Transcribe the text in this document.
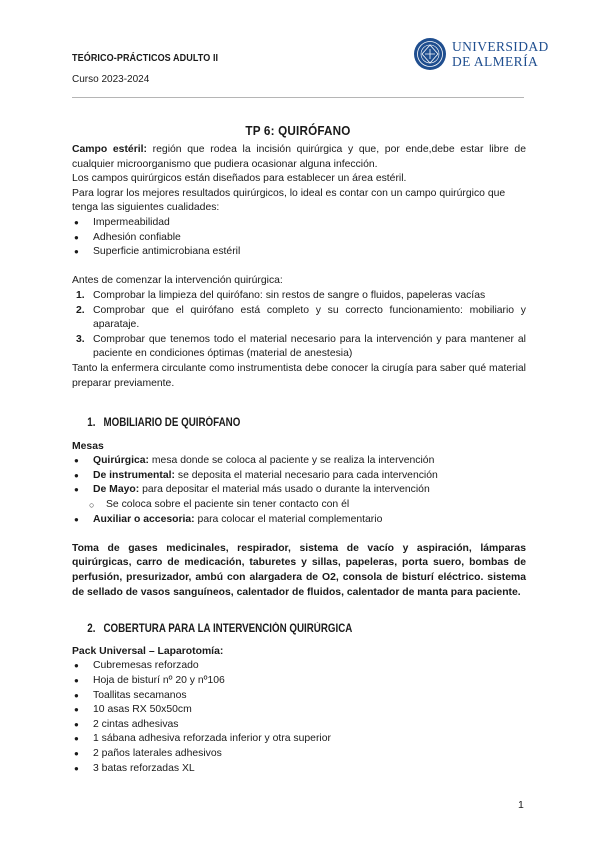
TEÓRICO-PRÁCTICOS ADULTO II
Curso 2023-2024
UNIVERSIDAD
DE ALMERÍA
TP 6: QUIRÓFANO

Campo estéril: región que rodea la incisión quirúrgica y que, por ende,debe estar libre de cualquier microorganismo que pudiera ocasionar alguna infección.

Los campos quirúrgicos están diseñados para establecer un área estéril.

Para lograr los mejores resultados quirúrgicos, lo ideal es contar con un campo quirúrgico que tenga las siguientes cualidades:

● Impermeabilidad
● Adhesión confiable
● Superficie antimicrobiana estéril

Antes de comenzar la intervención quirúrgica:

1. Comprobar la limpieza del quirófano: sin restos de sangre o fluidos, papeleras vacías
2. Comprobar que el quirófano está completo y su correcto funcionamiento: mobiliario y aparataje.
3. Comprobar que tenemos todo el material necesario para la intervención y para mantener al paciente en condiciones óptimas (material de anestesia)

Tanto la enfermera circulante como instrumentista debe conocer la cirugía para saber qué material preparar previamente.

1. MOBILIARIO DE QUIRÓFANO

Mesas

● Quirúrgica: mesa donde se coloca al paciente y se realiza la intervención
● De instrumental: se deposita el material necesario para cada intervención
● De Mayo: para depositar el material más usado o durante la intervención
○ Se coloca sobre el paciente sin tener contacto con él
● Auxiliar o accesoria: para colocar el material complementario

Toma de gases medicinales, respirador, sistema de vacío y aspiración, lámparas quirúrgicas, carro de medicación, taburetes y sillas, papeleras, porta suero, bombas de perfusión, presurizador, ambú con alargadera de O2, consola de bisturí eléctrico. sistema de sellado de vasos sanguíneos, calentador de fluidos, calentador de manta para paciente.

2. COBERTURA PARA LA INTERVENCIÓN QUIRÚRGICA

Pack Universal – Laparotomía:

● Cubremesas reforzado
● Hoja de bisturí nº 20 y nº106
● Toallitas secamanos
● 10 asas RX 50x50cm
● 2 cintas adhesivas
● 1 sábana adhesiva reforzada inferior y otra superior
● 2 paños laterales adhesivos
● 3 batas reforzadas XL
1
